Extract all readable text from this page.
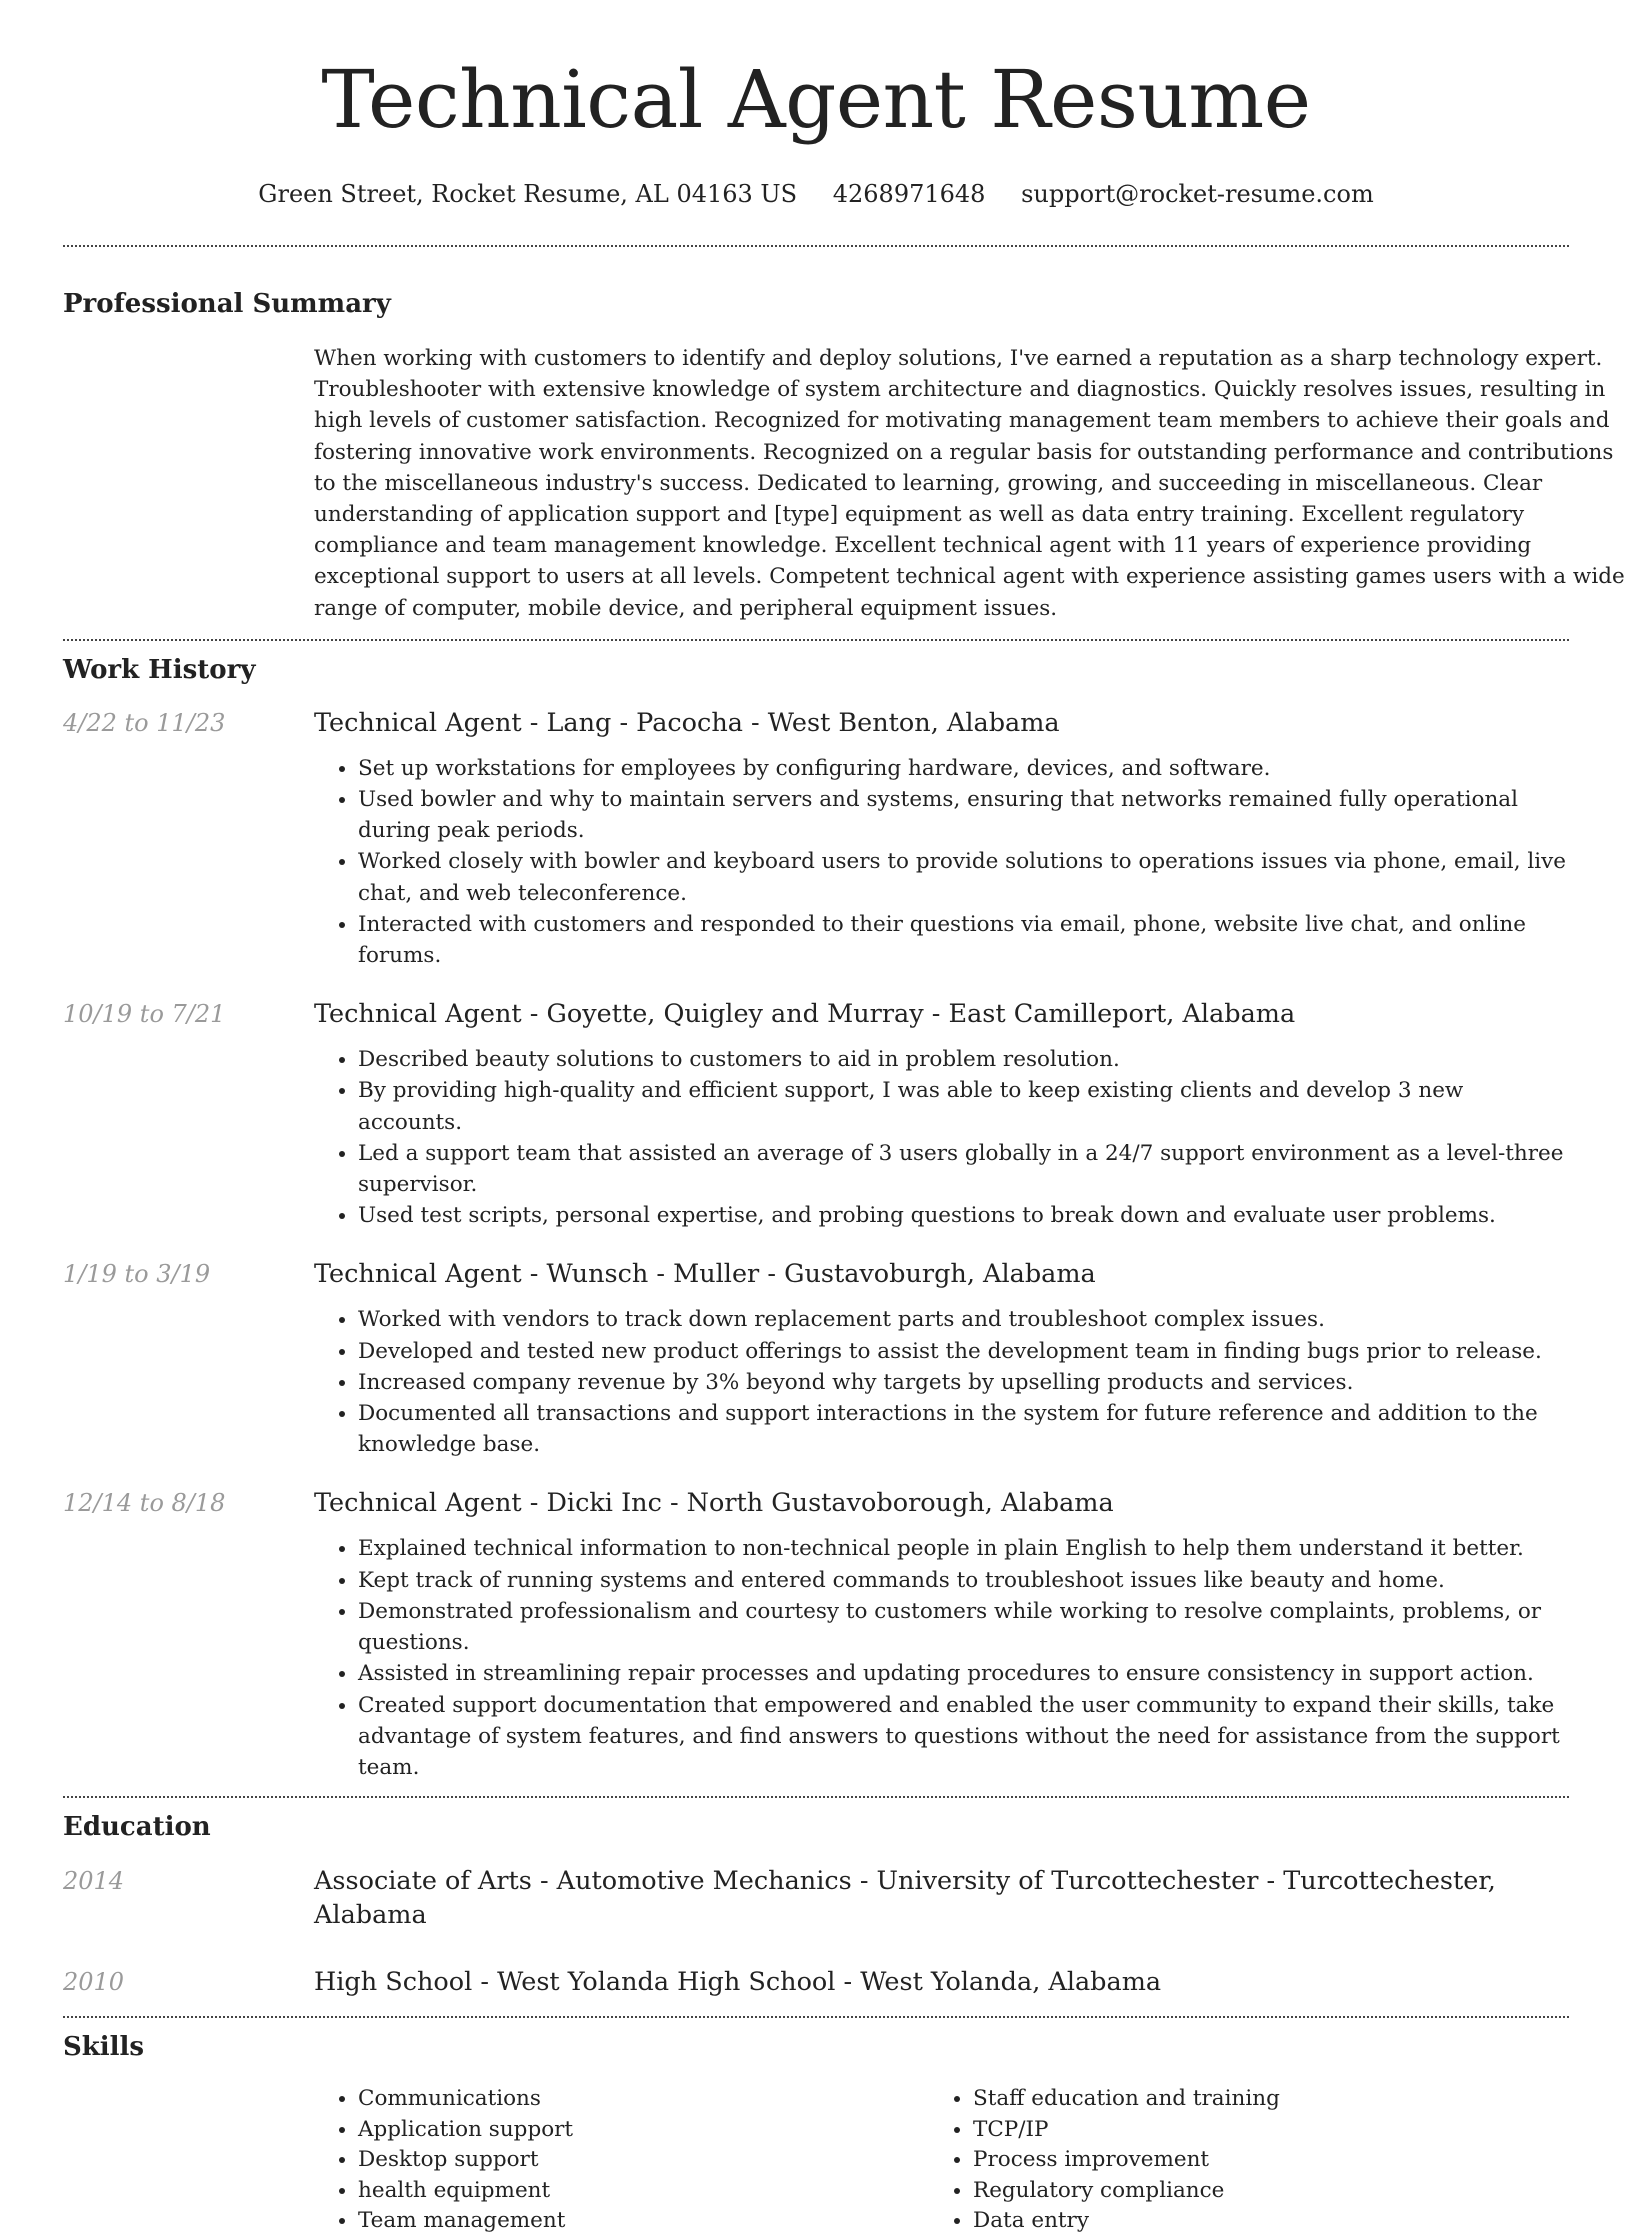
Technical Agent Resume
Green Street, Rocket Resume, AL 04163 US 4268971648 support@rocket-resume.com
Professional Summary

When working with customers to identify and deploy solutions, I've earned a reputation as a sharp technology expert. Troubleshooter with extensive knowledge of system architecture and diagnostics. Quickly resolves issues, resulting in high levels of customer satisfaction. Recognized for motivating management team members to achieve their goals and fostering innovative work environments. Recognized on a regular basis for outstanding performance and contributions to the miscellaneous industry's success. Dedicated to learning, growing, and succeeding in miscellaneous. Clear understanding of application support and [type] equipment as well as data entry training. Excellent regulatory compliance and team management knowledge. Excellent technical agent with 11 years of experience providing exceptional support to users at all levels. Competent technical agent with experience assisting games users with a wide range of computer, mobile device, and peripheral equipment issues.

Work History
4/22 to 11/23	Technical Agent - Lang - Pacocha - West Benton, Alabama
• Set up workstations for employees by configuring hardware, devices, and software.
• Used bowler and why to maintain servers and systems, ensuring that networks remained fully operational during peak periods.
• Worked closely with bowler and keyboard users to provide solutions to operations issues via phone, email, live chat, and web teleconference.
• Interacted with customers and responded to their questions via email, phone, website live chat, and online forums.
10/19 to 7/21	Technical Agent - Goyette, Quigley and Murray - East Camilleport, Alabama
• Described beauty solutions to customers to aid in problem resolution.
• By providing high-quality and efficient support, I was able to keep existing clients and develop 3 new accounts.
• Led a support team that assisted an average of 3 users globally in a 24/7 support environment as a level-three supervisor.
• Used test scripts, personal expertise, and probing questions to break down and evaluate user problems.
1/19 to 3/19	Technical Agent - Wunsch - Muller - Gustavoburgh, Alabama
• Worked with vendors to track down replacement parts and troubleshoot complex issues.
• Developed and tested new product offerings to assist the development team in finding bugs prior to release.
• Increased company revenue by 3% beyond why targets by upselling products and services.
• Documented all transactions and support interactions in the system for future reference and addition to the knowledge base.
12/14 to 8/18	Technical Agent - Dicki Inc - North Gustavoborough, Alabama
• Explained technical information to non-technical people in plain English to help them understand it better.
• Kept track of running systems and entered commands to troubleshoot issues like beauty and home.
• Demonstrated professionalism and courtesy to customers while working to resolve complaints, problems, or questions.
• Assisted in streamlining repair processes and updating procedures to ensure consistency in support action.
• Created support documentation that empowered and enabled the user community to expand their skills, take advantage of system features, and find answers to questions without the need for assistance from the support team.
Education
2014	Associate of Arts - Automotive Mechanics - University of Turcottechester - Turcottechester, Alabama
2010	High School - West Yolanda High School - West Yolanda, Alabama
Skills
• Communications
• Application support
• Desktop support
• health equipment
• Team management
• Staff education and training
• TCP/IP
• Process improvement
• Regulatory compliance
• Data entry
